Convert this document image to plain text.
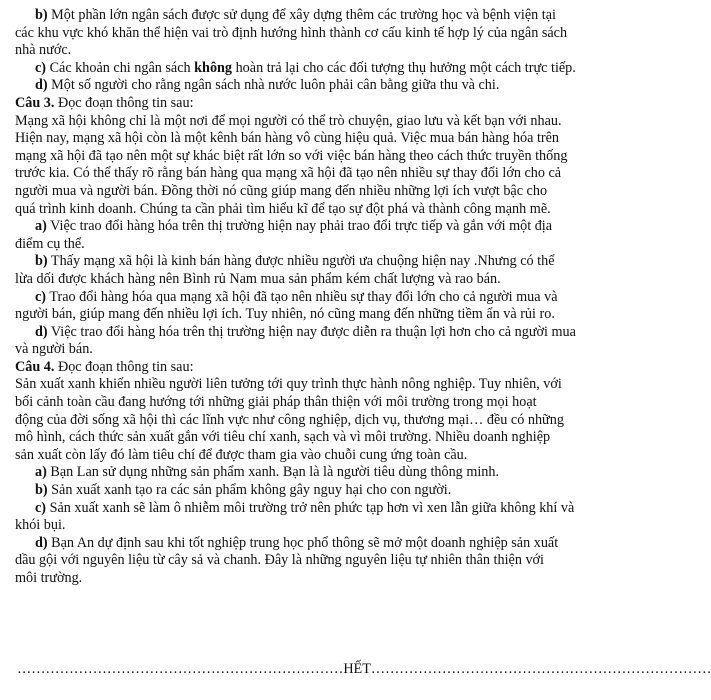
b) Một phần lớn ngân sách được sử dụng để xây dựng thêm các trường học và bệnh viện tại
các khu vực khó khăn thể hiện vai trò định hướng hình thành cơ cấu kinh tế hợp lý của ngân sách
nhà nước.
c) Các khoản chi ngân sách không hoàn trả lại cho các đối tượng thụ hưởng một cách trực tiếp.
d) Một số người cho rằng ngân sách nhà nước luôn phải cân bằng giữa thu và chi.
Câu 3. Đọc đoạn thông tin sau:
Mạng xã hội không chỉ là một nơi để mọi người có thể trò chuyện, giao lưu và kết bạn với nhau.
Hiện nay, mạng xã hội còn là một kênh bán hàng vô cùng hiệu quả. Việc mua bán hàng hóa trên
mạng xã hội đã tạo nên một sự khác biệt rất lớn so với việc bán hàng theo cách thức truyền thống
trước kia. Có thể thấy rõ rằng bán hàng qua mạng xã hội đã tạo nên nhiều sự thay đổi lớn cho cả
người mua và người bán. Đồng thời nó cũng giúp mang đến nhiều những lợi ích vượt bậc cho
quá trình kinh doanh. Chúng ta cần phải tìm hiểu kĩ để tạo sự đột phá và thành công mạnh mẽ.
a) Việc trao đổi hàng hóa trên thị trường hiện nay phải trao đổi trực tiếp và gắn với một địa
điểm cụ thể.
b) Thấy mạng xã hội là kinh bán hàng được nhiều người ưa chuộng hiện nay .Nhưng có thể
lừa dối được khách hàng nên Bình rủ Nam mua sản phẩm kém chất lượng và rao bán.
c) Trao đổi hàng hóa qua mạng xã hội đã tạo nên nhiều sự thay đổi lớn cho cả người mua và
người bán, giúp mang đến nhiều lợi ích. Tuy nhiên, nó cũng mang đến những tiềm ẩn và rủi ro.
d) Việc trao đổi hàng hóa trên thị trường hiện nay được diễn ra thuận lợi hơn cho cả người mua
và người bán.
Câu 4. Đọc đoạn thông tin sau:
Sản xuất xanh khiến nhiều người liên tưởng tới quy trình thực hành nông nghiệp. Tuy nhiên, với
bối cảnh toàn cầu đang hướng tới những giải pháp thân thiện với môi trường trong mọi hoạt
động của đời sống xã hội thì các lĩnh vực như công nghiệp, dịch vụ, thương mại… đều có những
mô hình, cách thức sản xuất gắn với tiêu chí xanh, sạch và vì môi trường. Nhiều doanh nghiệp
sản xuất còn lấy đó làm tiêu chí để được tham gia vào chuỗi cung ứng toàn cầu.
a) Bạn Lan sử dụng những sản phẩm xanh. Bạn là là người tiêu dùng thông minh.
b) Sản xuất xanh tạo ra các sản phẩm không gây nguy hại cho con người.
c) Sản xuất xanh sẽ làm ô nhiễm môi trường trở nên phức tạp hơn vì xen lẫn giữa không khí và
khói bụi.
d) Bạn An dự định sau khi tốt nghiệp trung học phổ thông sẽ mở một doanh nghiệp sản xuất
dầu gội với nguyên liệu từ cây sả và chanh. Đây là những nguyên liệu tự nhiên thân thiện với
môi trường.
……………………………………………………………HẾT………………………………………………………………
